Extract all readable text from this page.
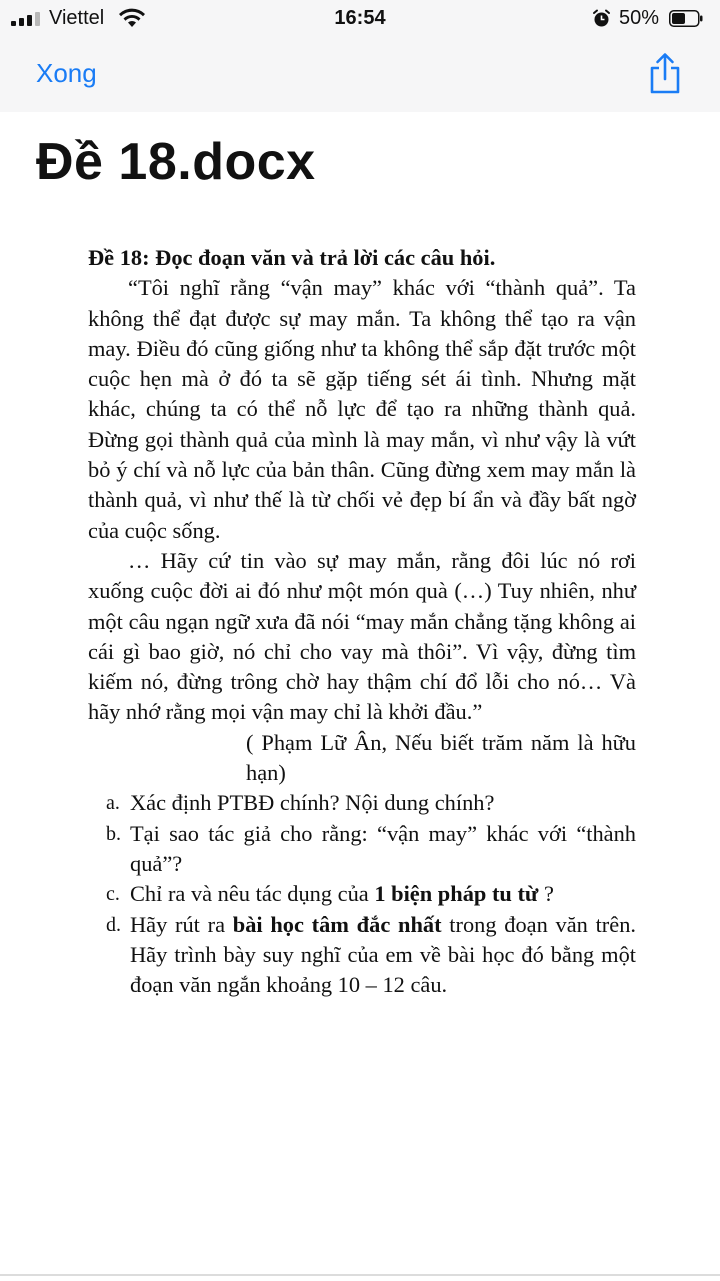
Viettel	16:54	50%
Xong
Đề 18.docx
Đề 18: Đọc đoạn văn và trả lời các câu hỏi.
“Tôi nghĩ rằng “vận may” khác với “thành quả”. Ta không thể đạt được sự may mắn. Ta không thể tạo ra vận may. Điều đó cũng giống như ta không thể sắp đặt trước một cuộc hẹn mà ở đó ta sẽ gặp tiếng sét ái tình. Nhưng mặt khác, chúng ta có thể nỗ lực để tạo ra những thành quả. Đừng gọi thành quả của mình là may mắn, vì như vậy là vứt bỏ ý chí và nỗ lực của bản thân. Cũng đừng xem may mắn là thành quả, vì như thế là từ chối vẻ đẹp bí ẩn và đầy bất ngờ của cuộc sống.
… Hãy cứ tin vào sự may mắn, rằng đôi lúc nó rơi xuống cuộc đời ai đó như một món quà (…) Tuy nhiên, như một câu ngạn ngữ xưa đã nói “may mắn chẳng tặng không ai cái gì bao giờ, nó chỉ cho vay mà thôi”. Vì vậy, đừng tìm kiếm nó, đừng trông chờ hay thậm chí đổ lỗi cho nó… Và hãy nhớ rằng mọi vận may chỉ là khởi đầu.”
( Phạm Lữ Ân, Nếu biết trăm năm là hữu hạn)
a. Xác định PTBĐ chính? Nội dung chính?
b. Tại sao tác giả cho rằng: “vận may” khác với “thành quả”?
c. Chỉ ra và nêu tác dụng của 1 biện pháp tu từ ?
d. Hãy rút ra bài học tâm đắc nhất trong đoạn văn trên. Hãy trình bày suy nghĩ của em về bài học đó bằng một đoạn văn ngắn khoảng 10 – 12 câu.
